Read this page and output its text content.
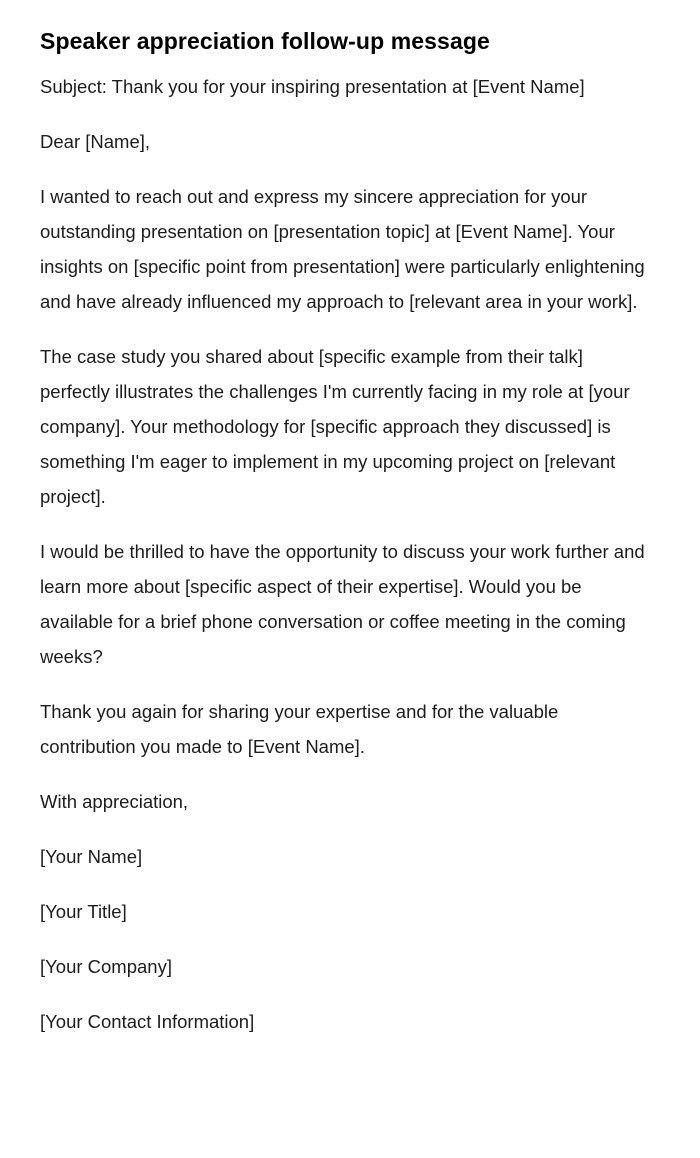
Speaker appreciation follow-up message

Subject: Thank you for your inspiring presentation at [Event Name]

Dear [Name],

I wanted to reach out and express my sincere appreciation for your outstanding presentation on [presentation topic] at [Event Name]. Your insights on [specific point from presentation] were particularly enlightening and have already influenced my approach to [relevant area in your work].

The case study you shared about [specific example from their talk] perfectly illustrates the challenges I'm currently facing in my role at [your company]. Your methodology for [specific approach they discussed] is something I'm eager to implement in my upcoming project on [relevant project].

I would be thrilled to have the opportunity to discuss your work further and learn more about [specific aspect of their expertise]. Would you be available for a brief phone conversation or coffee meeting in the coming weeks?

Thank you again for sharing your expertise and for the valuable contribution you made to [Event Name].

With appreciation,

[Your Name]

[Your Title]

[Your Company]

[Your Contact Information]
